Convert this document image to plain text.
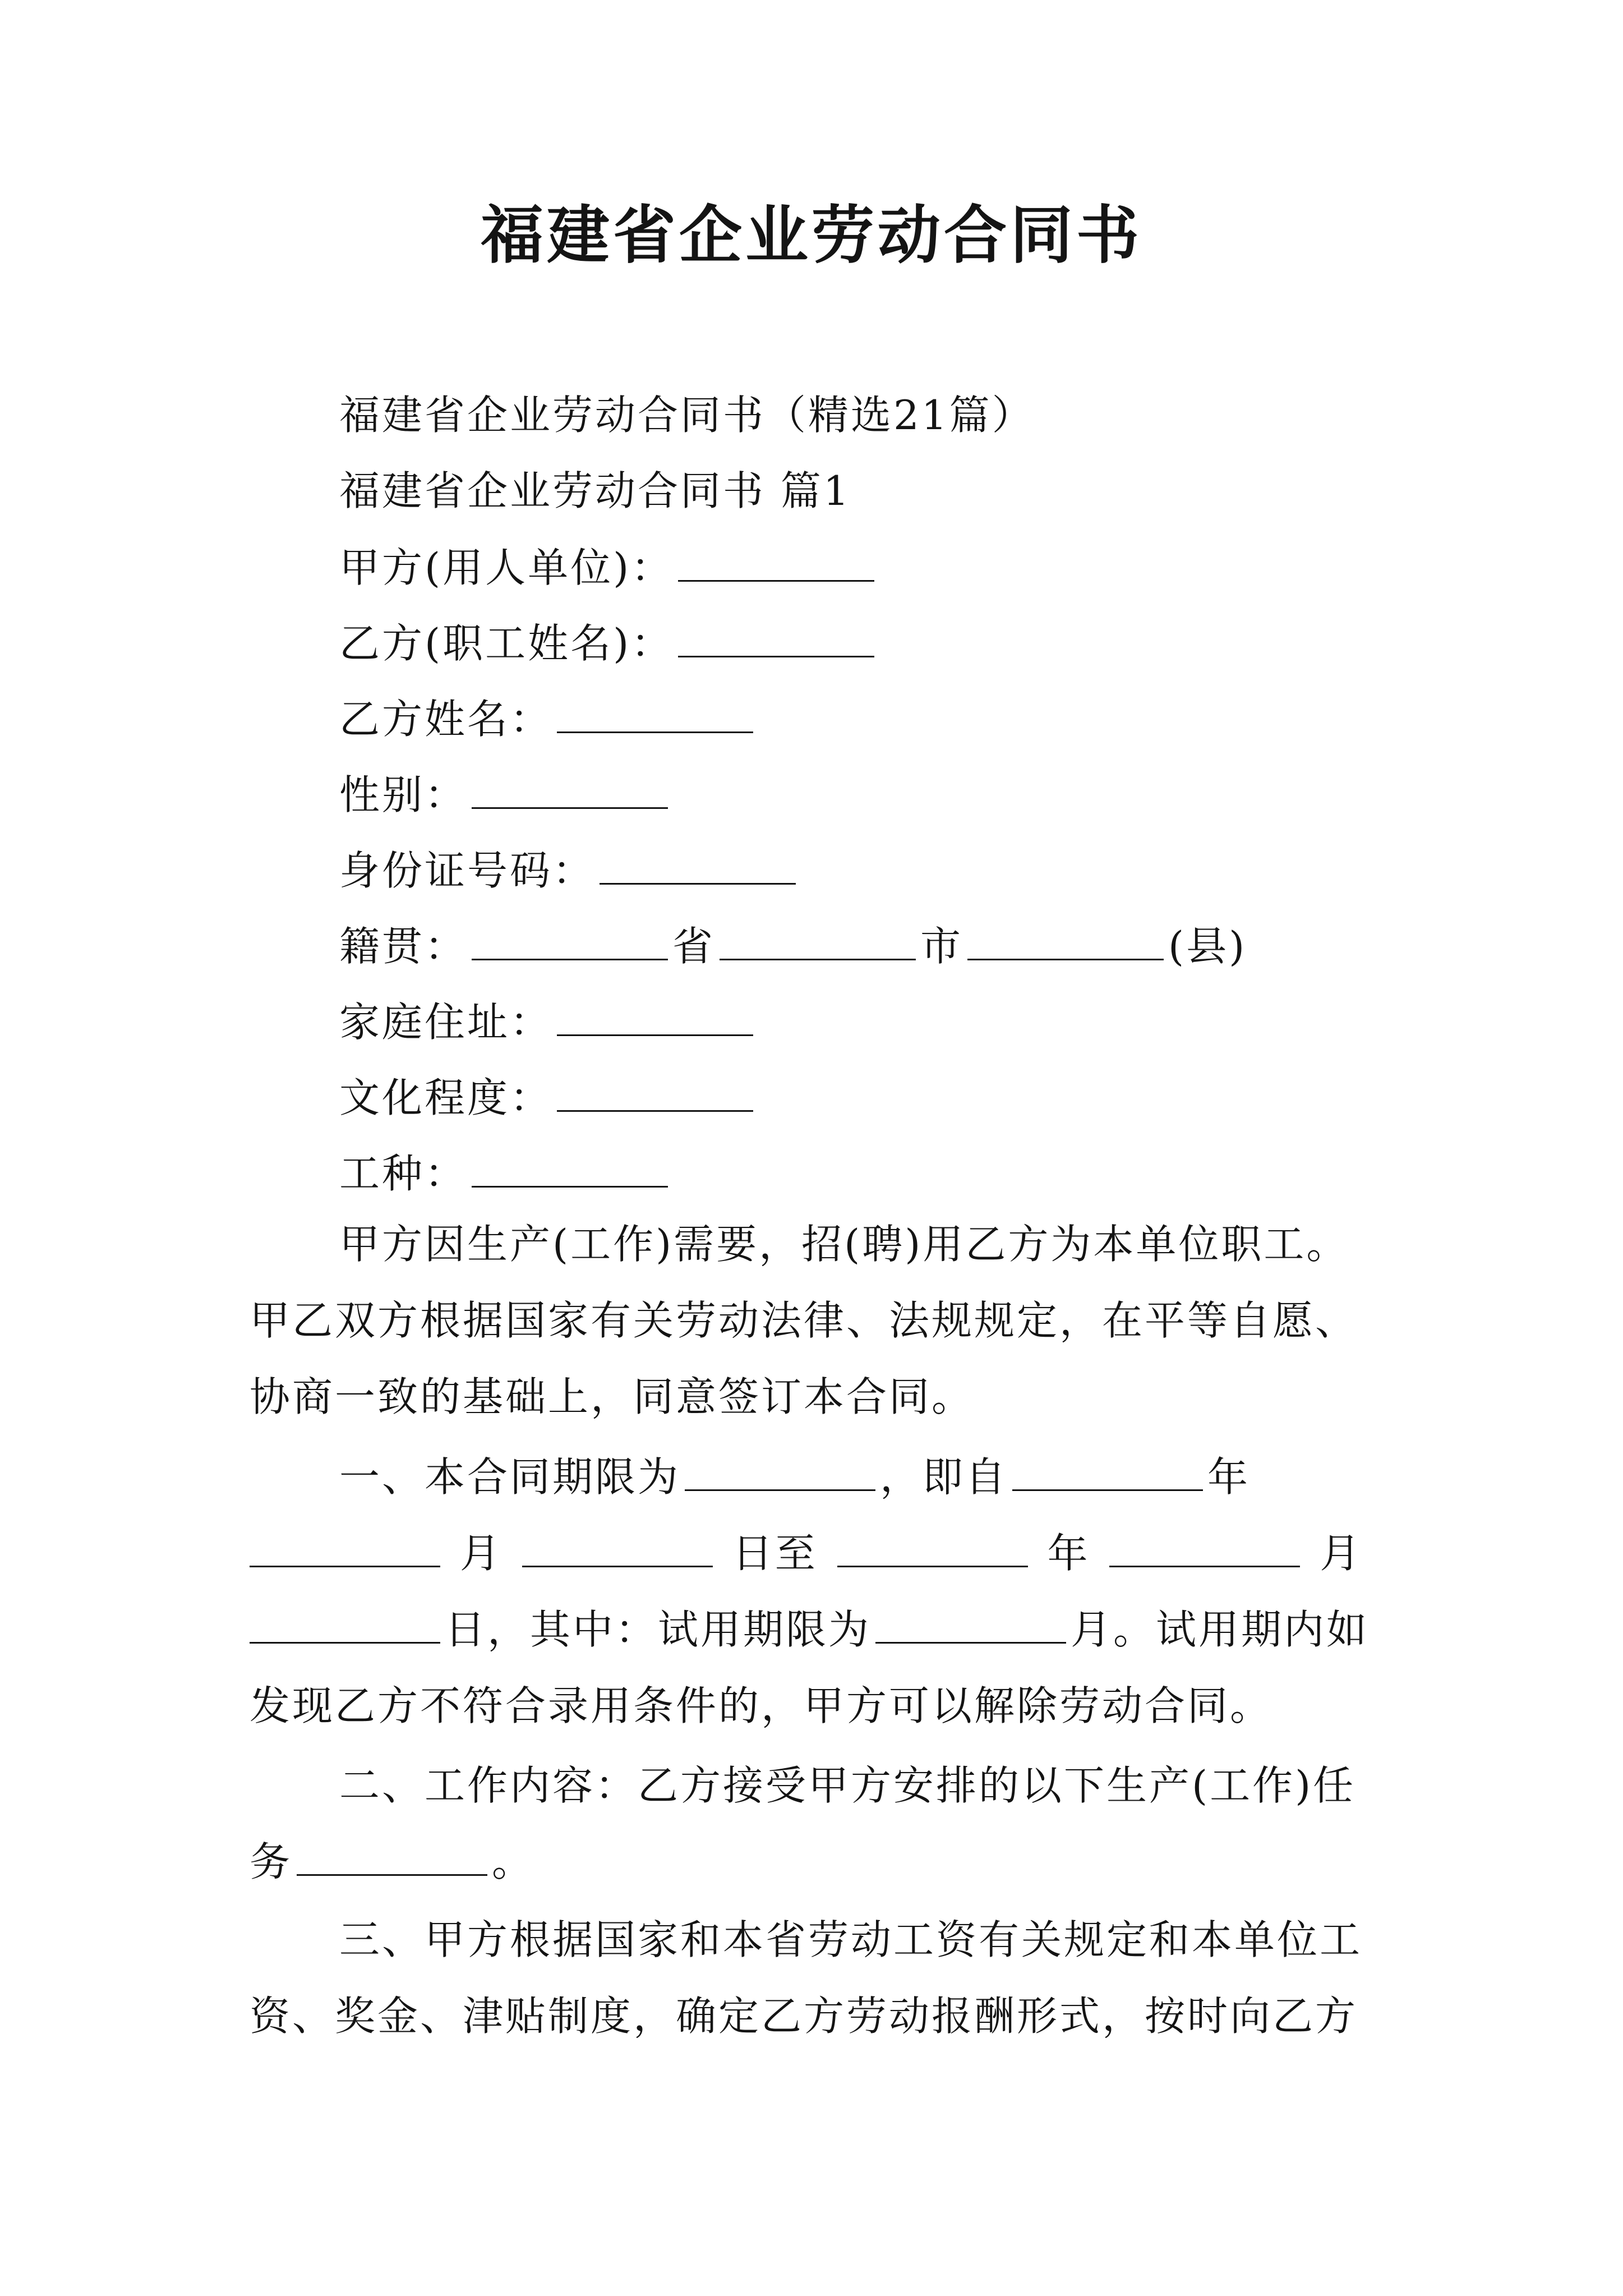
福建省企业劳动合同书
福建省企业劳动合同书（精选21篇）
福建省企业劳动合同书 篇1
甲方(用人单位)：
乙方(职工姓名)：
乙方姓名：
性别：
身份证号码：
籍贯：	省	市	(县)
家庭住址：
文化程度：
工种：
甲方因生产(工作)需要，招(聘)用乙方为本单位职工。
甲乙双方根据国家有关劳动法律、法规规定，在平等自愿、
协商一致的基础上，同意签订本合同。
一、本合同期限为	，即自	年
月	日至	年	月
日，其中：试用期限为	月。试用期内如
发现乙方不符合录用条件的，甲方可以解除劳动合同。
二、工作内容：乙方接受甲方安排的以下生产(工作)任
务	。
三、甲方根据国家和本省劳动工资有关规定和本单位工
资、奖金、津贴制度，确定乙方劳动报酬形式，按时向乙方
